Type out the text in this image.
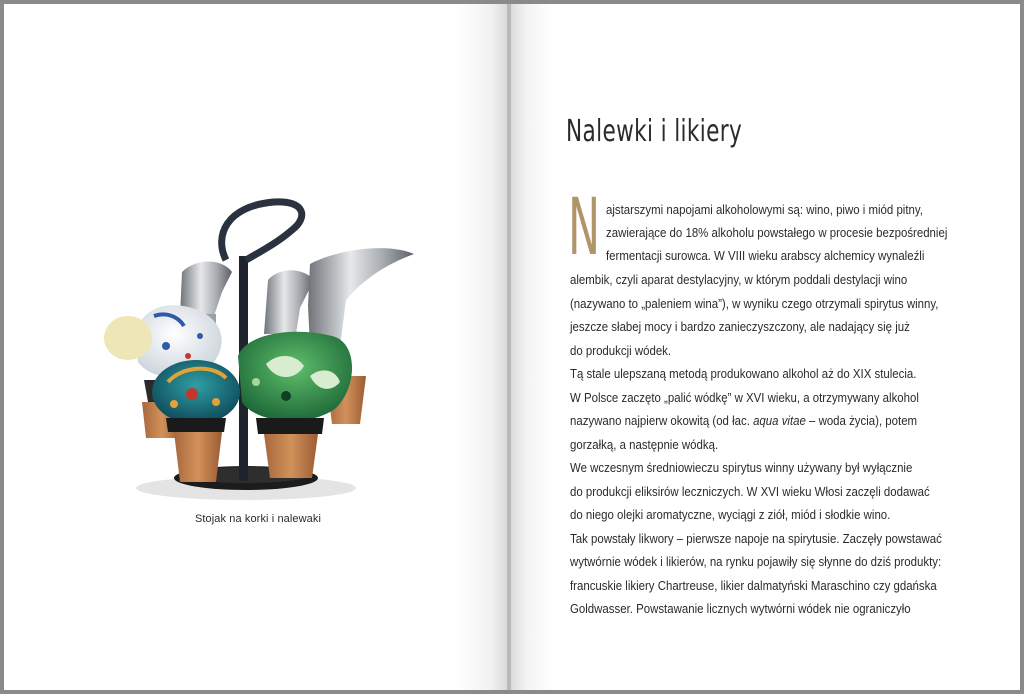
Stojak na korki i nalewaki
Nalewki i likiery
N ajstarszymi napojami alkoholowymi są: wino, piwo i miód pitny,
zawierające do 18% alkoholu powstałego w procesie bezpośredniej
fermentacji surowca. W VIII wieku arabscy alchemicy wynaleźli
alembik, czyli aparat destylacyjny, w którym poddali destylacji wino
(nazywano to „paleniem wina”), w wyniku czego otrzymali spirytus winny,
jeszcze słabej mocy i bardzo zanieczyszczony, ale nadający się już
do produkcji wódek.
Tą stale ulepszaną metodą produkowano alkohol aż do XIX stulecia.
W Polsce zaczęto „palić wódkę” w XVI wieku, a otrzymywany alkohol
nazywano najpierw okowitą (od łac. aqua vitae – woda życia), potem
gorzałką, a następnie wódką.
We wczesnym średniowieczu spirytus winny używany był wyłącznie
do produkcji eliksirów leczniczych. W XVI wieku Włosi zaczęli dodawać
do niego olejki aromatyczne, wyciągi z ziół, miód i słodkie wino.
Tak powstały likwory – pierwsze napoje na spirytusie. Zaczęły powstawać
wytwórnie wódek i likierów, na rynku pojawiły się słynne do dziś produkty:
francuskie likiery Chartreuse, likier dalmatyński Maraschino czy gdańska
Goldwasser. Powstawanie licznych wytwórni wódek nie ograniczyło
